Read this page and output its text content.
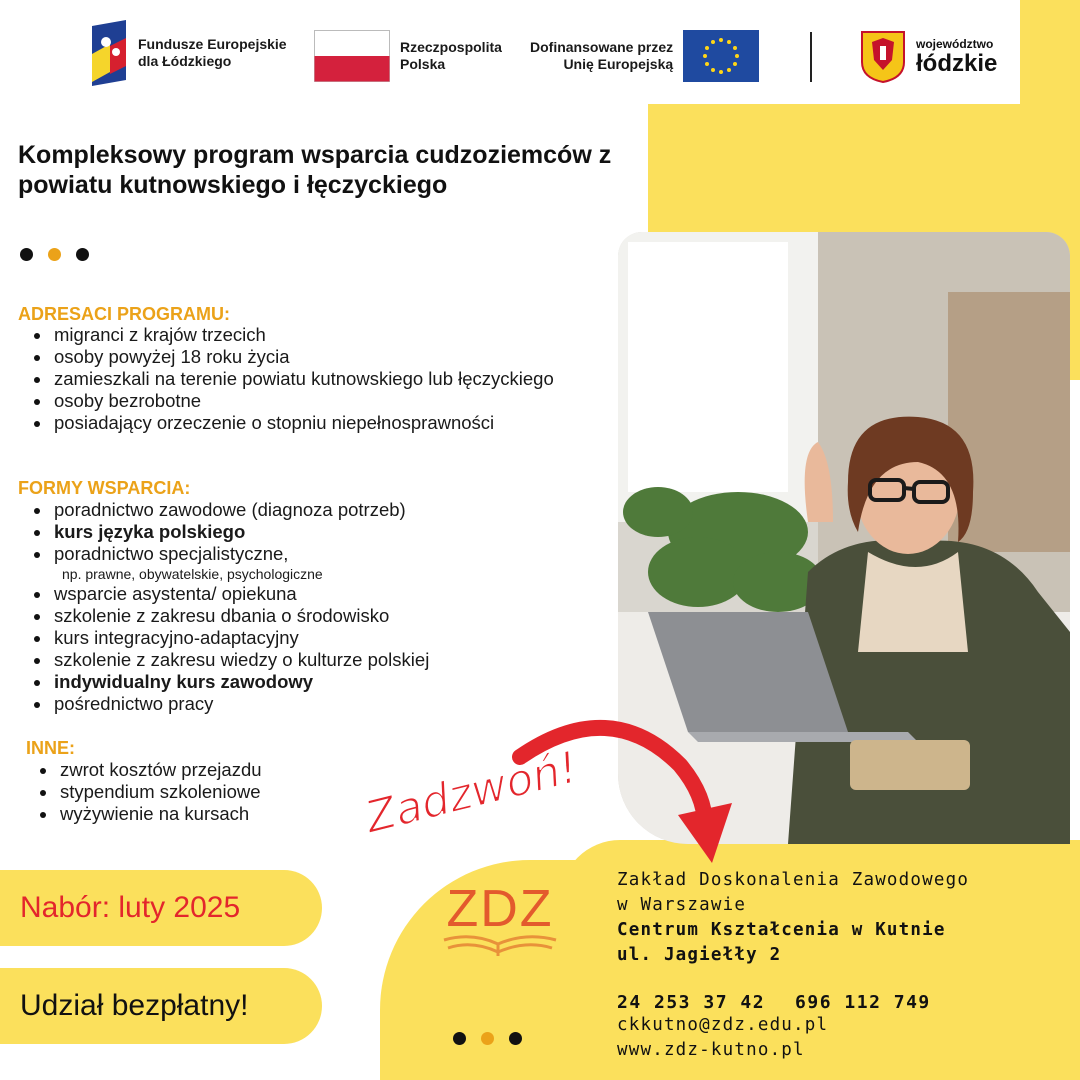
Fundusze Europejskie
dla Łódzkiego
Rzeczpospolita
Polska
Dofinansowane przez
Unię Europejską
województwo
łódzkie
Kompleksowy program wsparcia cudzoziemców z powiatu kutnowskiego i łęczyckiego
ADRESACI PROGRAMU:
migranci z krajów trzecich
osoby powyżej 18 roku życia
zamieszkali na terenie powiatu kutnowskiego lub łęczyckiego
osoby bezrobotne
posiadający orzeczenie o stopniu niepełnosprawności
FORMY WSPARCIA:
poradnictwo zawodowe (diagnoza potrzeb)
kurs języka polskiego
poradnictwo specjalistyczne,
np. prawne, obywatelskie, psychologiczne
wsparcie asystenta/ opiekuna
szkolenie z zakresu dbania o środowisko
kurs integracyjno-adaptacyjny
szkolenie z zakresu wiedzy o kulturze polskiej
indywidualny kurs zawodowy
pośrednictwo pracy
INNE:
zwrot kosztów przejazdu
stypendium szkoleniowe
wyżywienie na kursach	Zadzwoń!
Nabór: luty 2025
Udział bezpłatny!
ZDZ	Zakład Doskonalenia Zawodowego
w Warszawie
Centrum Kształcenia w Kutnie
ul. Jagiełły 2
24 253 37 42 696 112 749
ckkutno@zdz.edu.pl
www.zdz-kutno.pl
